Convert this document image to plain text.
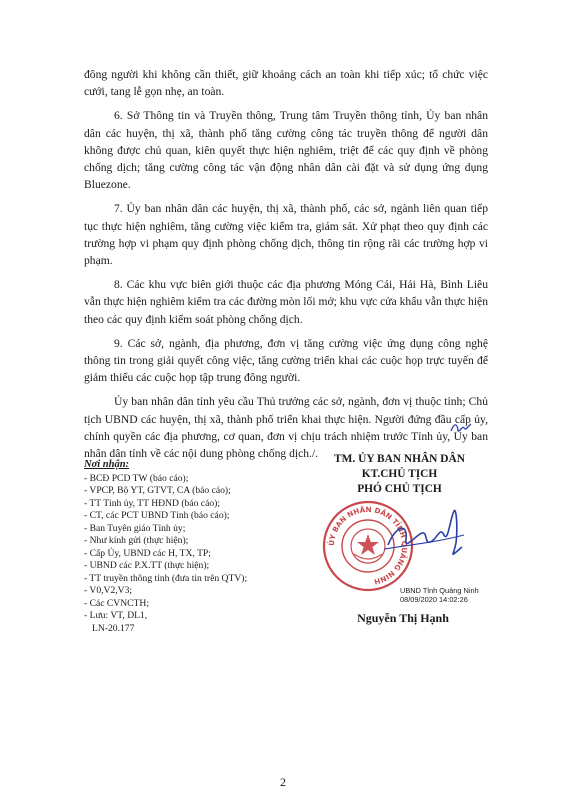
đông người khi không cần thiết, giữ khoảng cách an toàn khi tiếp xúc; tổ chức việc cưới, tang lễ gọn nhẹ, an toàn.

6. Sở Thông tin và Truyền thông, Trung tâm Truyền thông tỉnh, Ủy ban nhân dân các huyện, thị xã, thành phố tăng cường công tác truyền thông để người dân không được chủ quan, kiên quyết thực hiện nghiêm, triệt để các quy định về phòng chống dịch; tăng cường công tác vận động nhân dân cài đặt và sử dụng ứng dụng Bluezone.

7. Ủy ban nhân dân các huyện, thị xã, thành phố, các sở, ngành liên quan tiếp tục thực hiện nghiêm, tăng cường việc kiểm tra, giám sát. Xử phạt theo quy định các trường hợp vi phạm quy định phòng chống dịch, thông tin rộng rãi các trường hợp vi phạm.

8. Các khu vực biên giới thuộc các địa phương Móng Cái, Hải Hà, Bình Liêu vẫn thực hiện nghiêm kiểm tra các đường mòn lối mở; khu vực cửa khẩu vẫn thực hiện theo các quy định kiểm soát phòng chống dịch.

9. Các sở, ngành, địa phương, đơn vị tăng cường việc ứng dụng công nghệ thông tin trong giải quyết công việc, tăng cường triển khai các cuộc họp trực tuyến để giảm thiểu các cuộc họp tập trung đông người.

Ủy ban nhân dân tỉnh yêu cầu Thủ trưởng các sở, ngành, đơn vị thuộc tỉnh; Chủ tịch UBND các huyện, thị xã, thành phố triển khai thực hiện. Người đứng đầu cấp ủy, chính quyền các địa phương, cơ quan, đơn vị chịu trách nhiệm trước Tỉnh ủy, Ủy ban nhân dân tỉnh về các nội dung phòng chống dịch./.

Nơi nhận:
- BCĐ PCD TW (báo cáo);
- VPCP, Bộ YT, GTVT, CA (báo cáo);
- TT Tỉnh ủy, TT HĐND (báo cáo);
- CT, các PCT UBND Tỉnh (báo cáo);
- Ban Tuyên giáo Tỉnh ủy;
- Như kính gửi (thực hiện);
- Cấp Ủy, UBND các H, TX, TP;
- UBND các P.X.TT (thực hiện);
- TT truyền thông tỉnh (đưa tin trên QTV);
- V0,V2,V3;
- Các CVNCTH;
- Lưu: VT, DL1,
LN-20.177
TM. ỦY BAN NHÂN DÂN
KT.CHỦ TỊCH
PHÓ CHỦ TỊCH
ỦY BAN NHÂN DÂN TỈNH QUẢNG NINH
UBND Tỉnh Quảng Ninh
08/09/2020 14:02:26
Nguyễn Thị Hạnh
2
